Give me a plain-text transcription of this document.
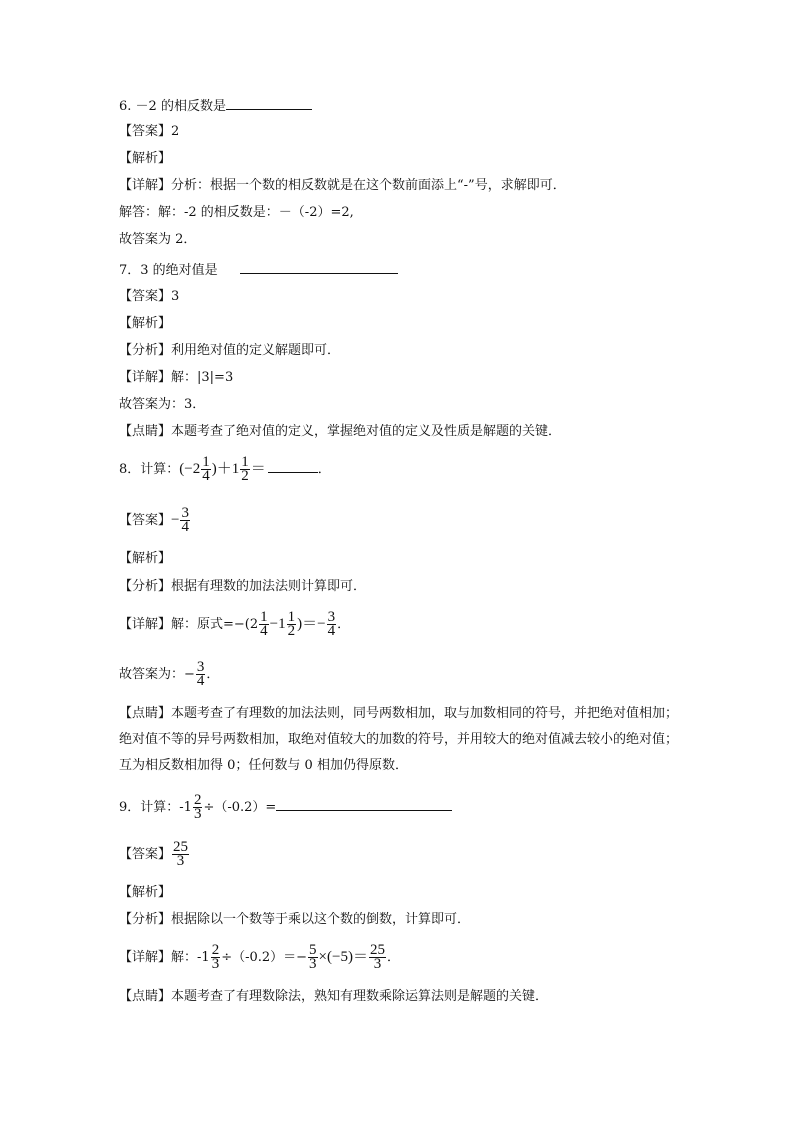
6. －2 的相反数是
【答案】2
【解析】
【详解】分析：根据一个数的相反数就是在这个数前面添上“-”号，求解即可．
解答：解：-2 的相反数是：－（-2）=2,
故答案为 2．
7．3 的绝对值是
【答案】3
【解析】
【分析】利用绝对值的定义解题即可．
【详解】解：|3|=3
故答案为：3．
【点睛】本题考查了绝对值的定义，掌握绝对值的定义及性质是解题的关键．
8．计算：$(-2 \frac{1}{4} )+1 \frac{1}{2}$ ＝	．
【答案】− $\frac{3}{4}$
【解析】
【分析】根据有理数的加法法则计算即可．
【详解】解：原式$=-(2 \frac{1}{4} -1 \frac{1}{2}$ )＝− $\frac{3}{4}$ ．
故答案为：− $\frac{3}{4}$ ．
【点睛】本题考查了有理数的加法法则，同号两数相加，取与加数相同的符号，并把绝对值相加；绝对值不等的异号两数相加，取绝对值较大的加数的符号，并用较大的绝对值减去较小的绝对值；互为相反数相加得 0；任何数与 0 相加仍得原数．
9．计算：$-1 \frac{2}{3} \div(-0.2)=$
【答案】 $\frac{25}{3}$
【解析】
【分析】根据除以一个数等于乘以这个数的倒数，计算即可．
【详解】解：$-1 \frac{2}{3} \div(-0.2)=- \frac{5}{3} \times(-5)= \frac{25}{3}$ ．
【点睛】本题考查了有理数除法，熟知有理数乘除运算法则是解题的关键．
